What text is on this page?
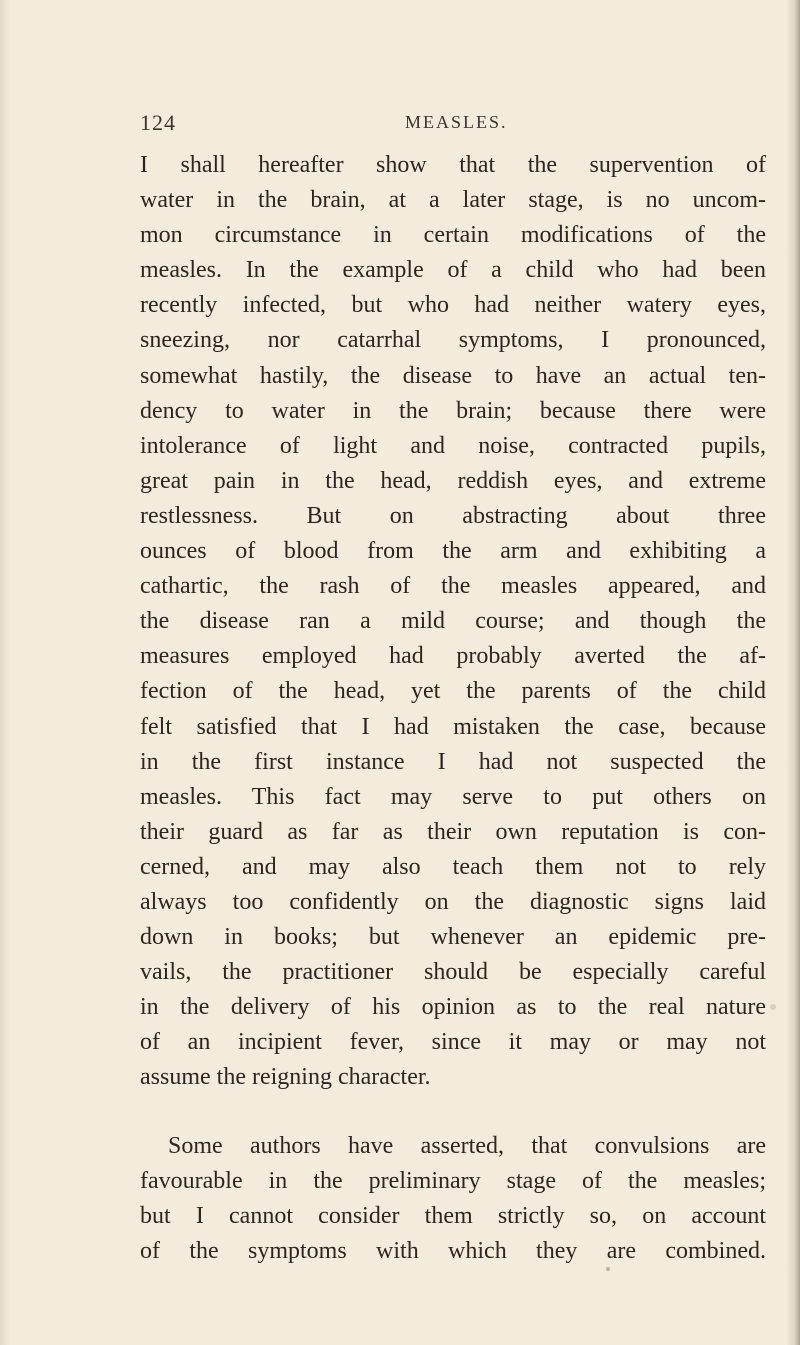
124	MEASLES.
I shall hereafter show that the supervention of
water in the brain, at a later stage, is no uncom-
mon circumstance in certain modifications of the
measles. In the example of a child who had been
recently infected, but who had neither watery eyes,
sneezing, nor catarrhal symptoms, I pronounced,
somewhat hastily, the disease to have an actual ten-
dency to water in the brain; because there were
intolerance of light and noise, contracted pupils,
great pain in the head, reddish eyes, and extreme
restlessness. But on abstracting about three
ounces of blood from the arm and exhibiting a
cathartic, the rash of the measles appeared, and
the disease ran a mild course; and though the
measures employed had probably averted the af-
fection of the head, yet the parents of the child
felt satisfied that I had mistaken the case, because
in the first instance I had not suspected the
measles. This fact may serve to put others on
their guard as far as their own reputation is con-
cerned, and may also teach them not to rely
always too confidently on the diagnostic signs laid
down in books; but whenever an epidemic pre-
vails, the practitioner should be especially careful
in the delivery of his opinion as to the real nature
of an incipient fever, since it may or may not
assume the reigning character.
Some authors have asserted, that convulsions are
favourable in the preliminary stage of the measles;
but I cannot consider them strictly so, on account
of the symptoms with which they are combined.
